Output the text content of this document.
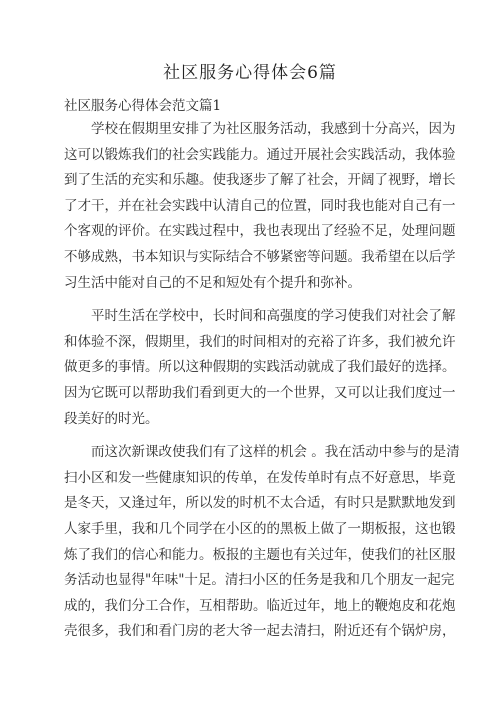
社区服务心得体会6篇
社区服务心得体会范文篇1

学校在假期里安排了为社区服务活动，我感到十分高兴，因为
这可以锻炼我们的社会实践能力。通过开展社会实践活动，我体验
到了生活的充实和乐趣。使我逐步了解了社会，开阔了视野，增长
了才干，并在社会实践中认清自己的位置，同时我也能对自己有一
个客观的评价。在实践过程中，我也表现出了经验不足，处理问题
不够成熟，书本知识与实际结合不够紧密等问题。我希望在以后学
习生活中能对自己的不足和短处有个提升和弥补。

平时生活在学校中，长时间和高强度的学习使我们对社会了解
和体验不深，假期里，我们的时间相对的充裕了许多，我们被允许
做更多的事情。所以这种假期的实践活动就成了我们最好的选择。
因为它既可以帮助我们看到更大的一个世界，又可以让我们度过一
段美好的时光。

而这次新课改使我们有了这样的机会 。我在活动中参与的是清
扫小区和发一些健康知识的传单，在发传单时有点不好意思，毕竟
是冬天，又逢过年，所以发的时机不太合适，有时只是默默地发到
人家手里，我和几个同学在小区的的黑板上做了一期板报，这也锻
炼了我们的信心和能力。板报的主题也有关过年，使我们的社区服
务活动也显得"年味"十足。清扫小区的任务是我和几个朋友一起完
成的，我们分工合作，互相帮助。临近过年，地上的鞭炮皮和花炮
壳很多，我们和看门房的老大爷一起去清扫，附近还有个锅炉房，
